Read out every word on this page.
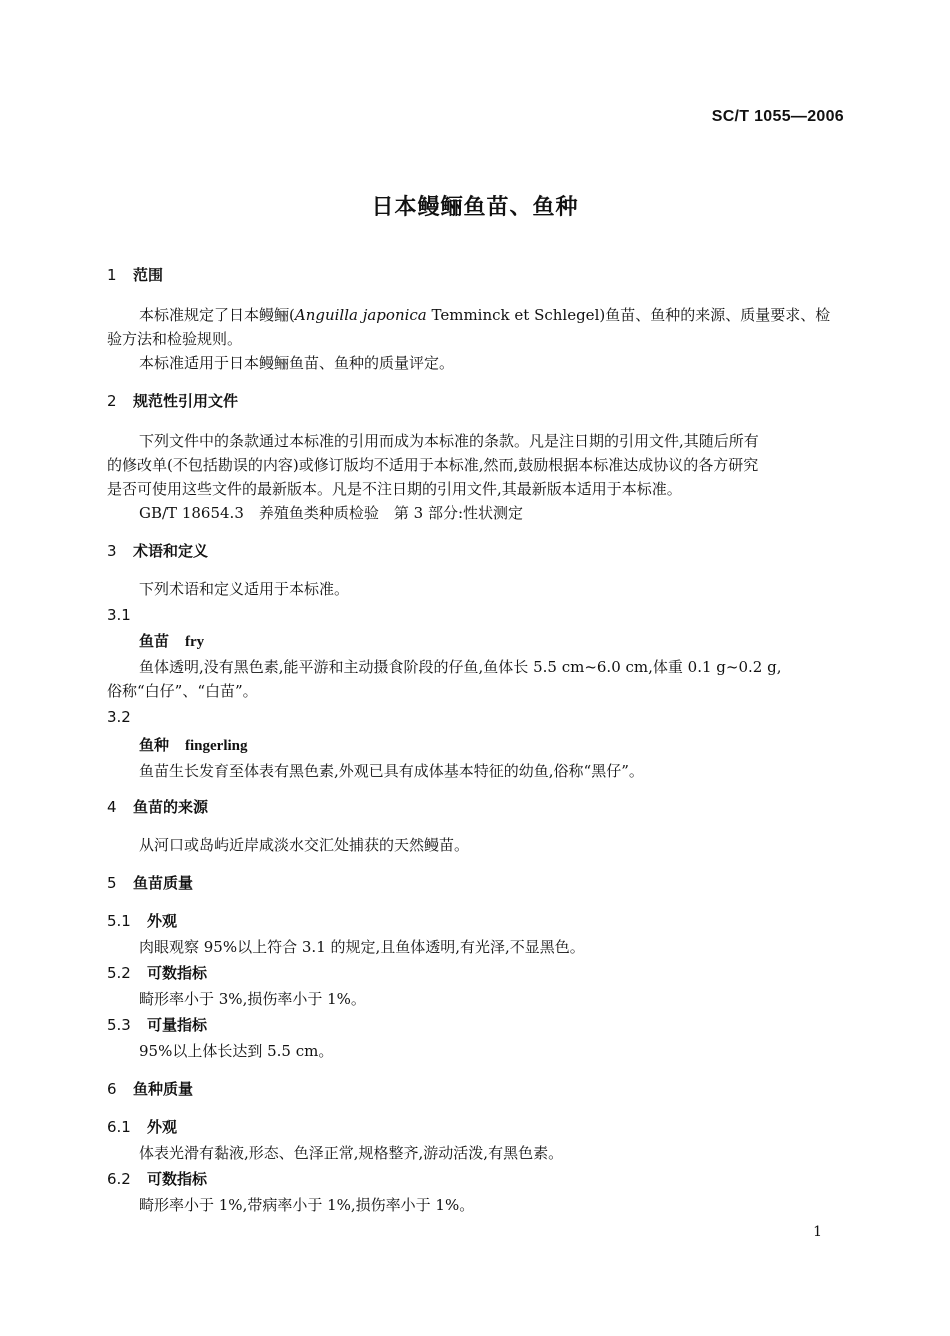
SC/T 1055—2006
日本鳗鲡鱼苗、鱼种
1 范围
本标准规定了日本鳗鲡(Anguilla japonica Temminck et Schlegel)鱼苗、鱼种的来源、质量要求、检
验方法和检验规则。
本标准适用于日本鳗鲡鱼苗、鱼种的质量评定。
2 规范性引用文件
下列文件中的条款通过本标准的引用而成为本标准的条款。凡是注日期的引用文件,其随后所有
的修改单(不包括勘误的内容)或修订版均不适用于本标准,然而,鼓励根据本标准达成协议的各方研究
是否可使用这些文件的最新版本。凡是不注日期的引用文件,其最新版本适用于本标准。
GB/T 18654.3　养殖鱼类种质检验　第 3 部分:性状测定
3 术语和定义
下列术语和定义适用于本标准。
3.1
鱼苗 fry
鱼体透明,没有黑色素,能平游和主动摄食阶段的仔鱼,鱼体长 5.5 cm~6.0 cm,体重 0.1 g~0.2 g,
俗称“白仔”、“白苗”。
3.2
鱼种 fingerling
鱼苗生长发育至体表有黑色素,外观已具有成体基本特征的幼鱼,俗称“黑仔”。
4 鱼苗的来源
从河口或岛屿近岸咸淡水交汇处捕获的天然鳗苗。
5 鱼苗质量
5.1 外观
肉眼观察 95%以上符合 3.1 的规定,且鱼体透明,有光泽,不显黑色。
5.2 可数指标
畸形率小于 3%,损伤率小于 1%。
5.3 可量指标
95%以上体长达到 5.5 cm。
6 鱼种质量
6.1 外观
体表光滑有黏液,形态、色泽正常,规格整齐,游动活泼,有黑色素。
6.2 可数指标
畸形率小于 1%,带病率小于 1%,损伤率小于 1%。
1
